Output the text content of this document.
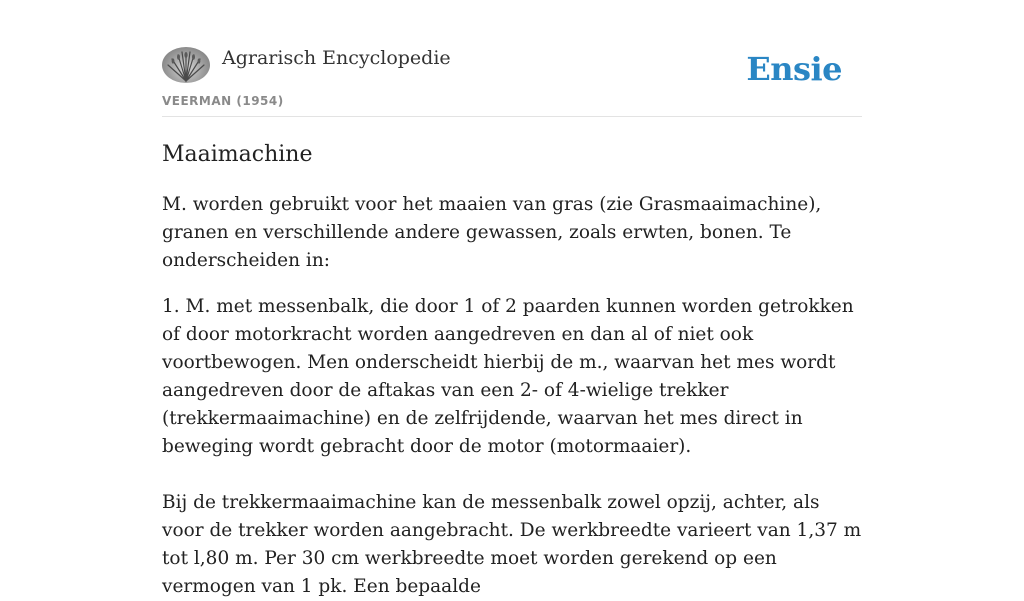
Agrarisch Encyclopedie
VEERMAN (1954)
Ensie
Maaimachine

M. worden gebruikt voor het maaien van gras (zie Grasmaaimachine), granen en verschillende andere gewassen, zoals erwten, bonen. Te onderscheiden in:

1. M. met messenbalk, die door 1 of 2 paarden kunnen worden getrokken of door motorkracht worden aangedreven en dan al of niet ook voortbewogen. Men onderscheidt hierbij de m., waarvan het mes wordt aangedreven door de aftakas van een 2- of 4-wielige trekker (trekkermaaimachine) en de zelfrijdende, waarvan het mes direct in beweging wordt gebracht door de motor (motormaaier).

Bij de trekkermaaimachine kan de messenbalk zowel opzij, achter, als voor de trekker worden aangebracht. De werkbreedte varieert van 1,37 m tot l,80 m. Per 30 cm werkbreedte moet worden gerekend op een vermogen van 1 pk. Een bepaalde
